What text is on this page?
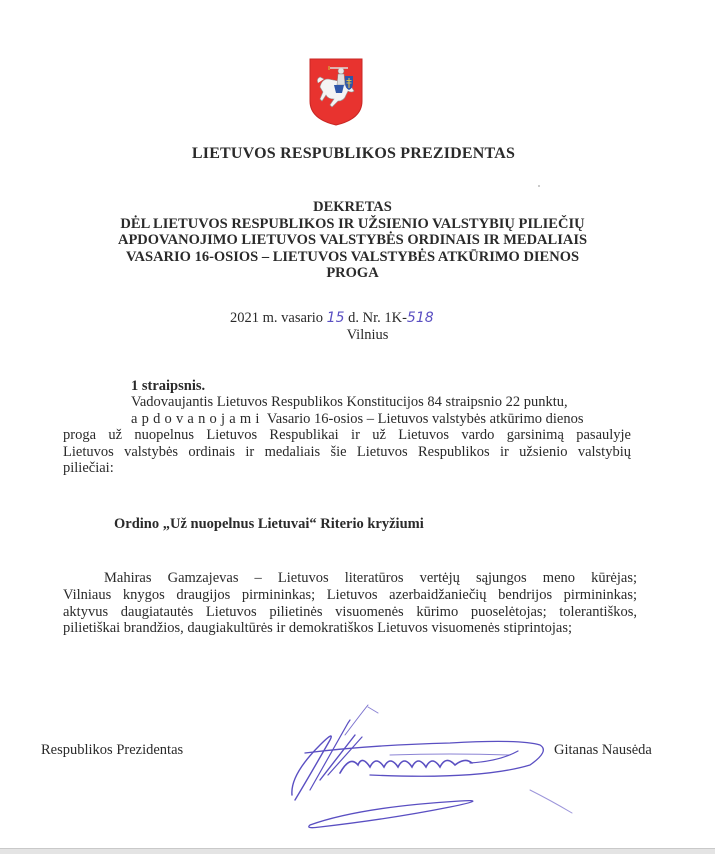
LIETUVOS RESPUBLIKOS PREZIDENTAS
DEKRETAS
DĖL LIETUVOS RESPUBLIKOS IR UŽSIENIO VALSTYBIŲ PILIEČIŲ
APDOVANOJIMO LIETUVOS VALSTYBĖS ORDINAIS IR MEDALIAIS
VASARIO 16-OSIOS – LIETUVOS VALSTYBĖS ATKŪRIMO DIENOS
PROGA
2021 m. vasario 15 d. Nr. 1K-518
Vilnius
1 straipsnis.
Vadovaujantis Lietuvos Respublikos Konstitucijos 84 straipsnio 22 punktu,
apdovanojami Vasario 16-osios – Lietuvos valstybės atkūrimo dienos
proga už nuopelnus Lietuvos Respublikai ir už Lietuvos vardo garsinimą pasaulyje
Lietuvos valstybės ordinais ir medaliais šie Lietuvos Respublikos ir užsienio valstybių
piliečiai:
Ordino „Už nuopelnus Lietuvai“ Riterio kryžiumi
Mahiras Gamzajevas – Lietuvos literatūros vertėjų sąjungos meno kūrėjas;
Vilniaus knygos draugijos pirmininkas; Lietuvos azerbaidžaniečių bendrijos pirmininkas;
aktyvus daugiatautės Lietuvos pilietinės visuomenės kūrimo puoselėtojas; tolerantiškos,
pilietiškai brandžios, daugiakultūrės ir demokratiškos Lietuvos visuomenės stiprintojas;
Respublikos Prezidentas	Gitanas Nausėda
